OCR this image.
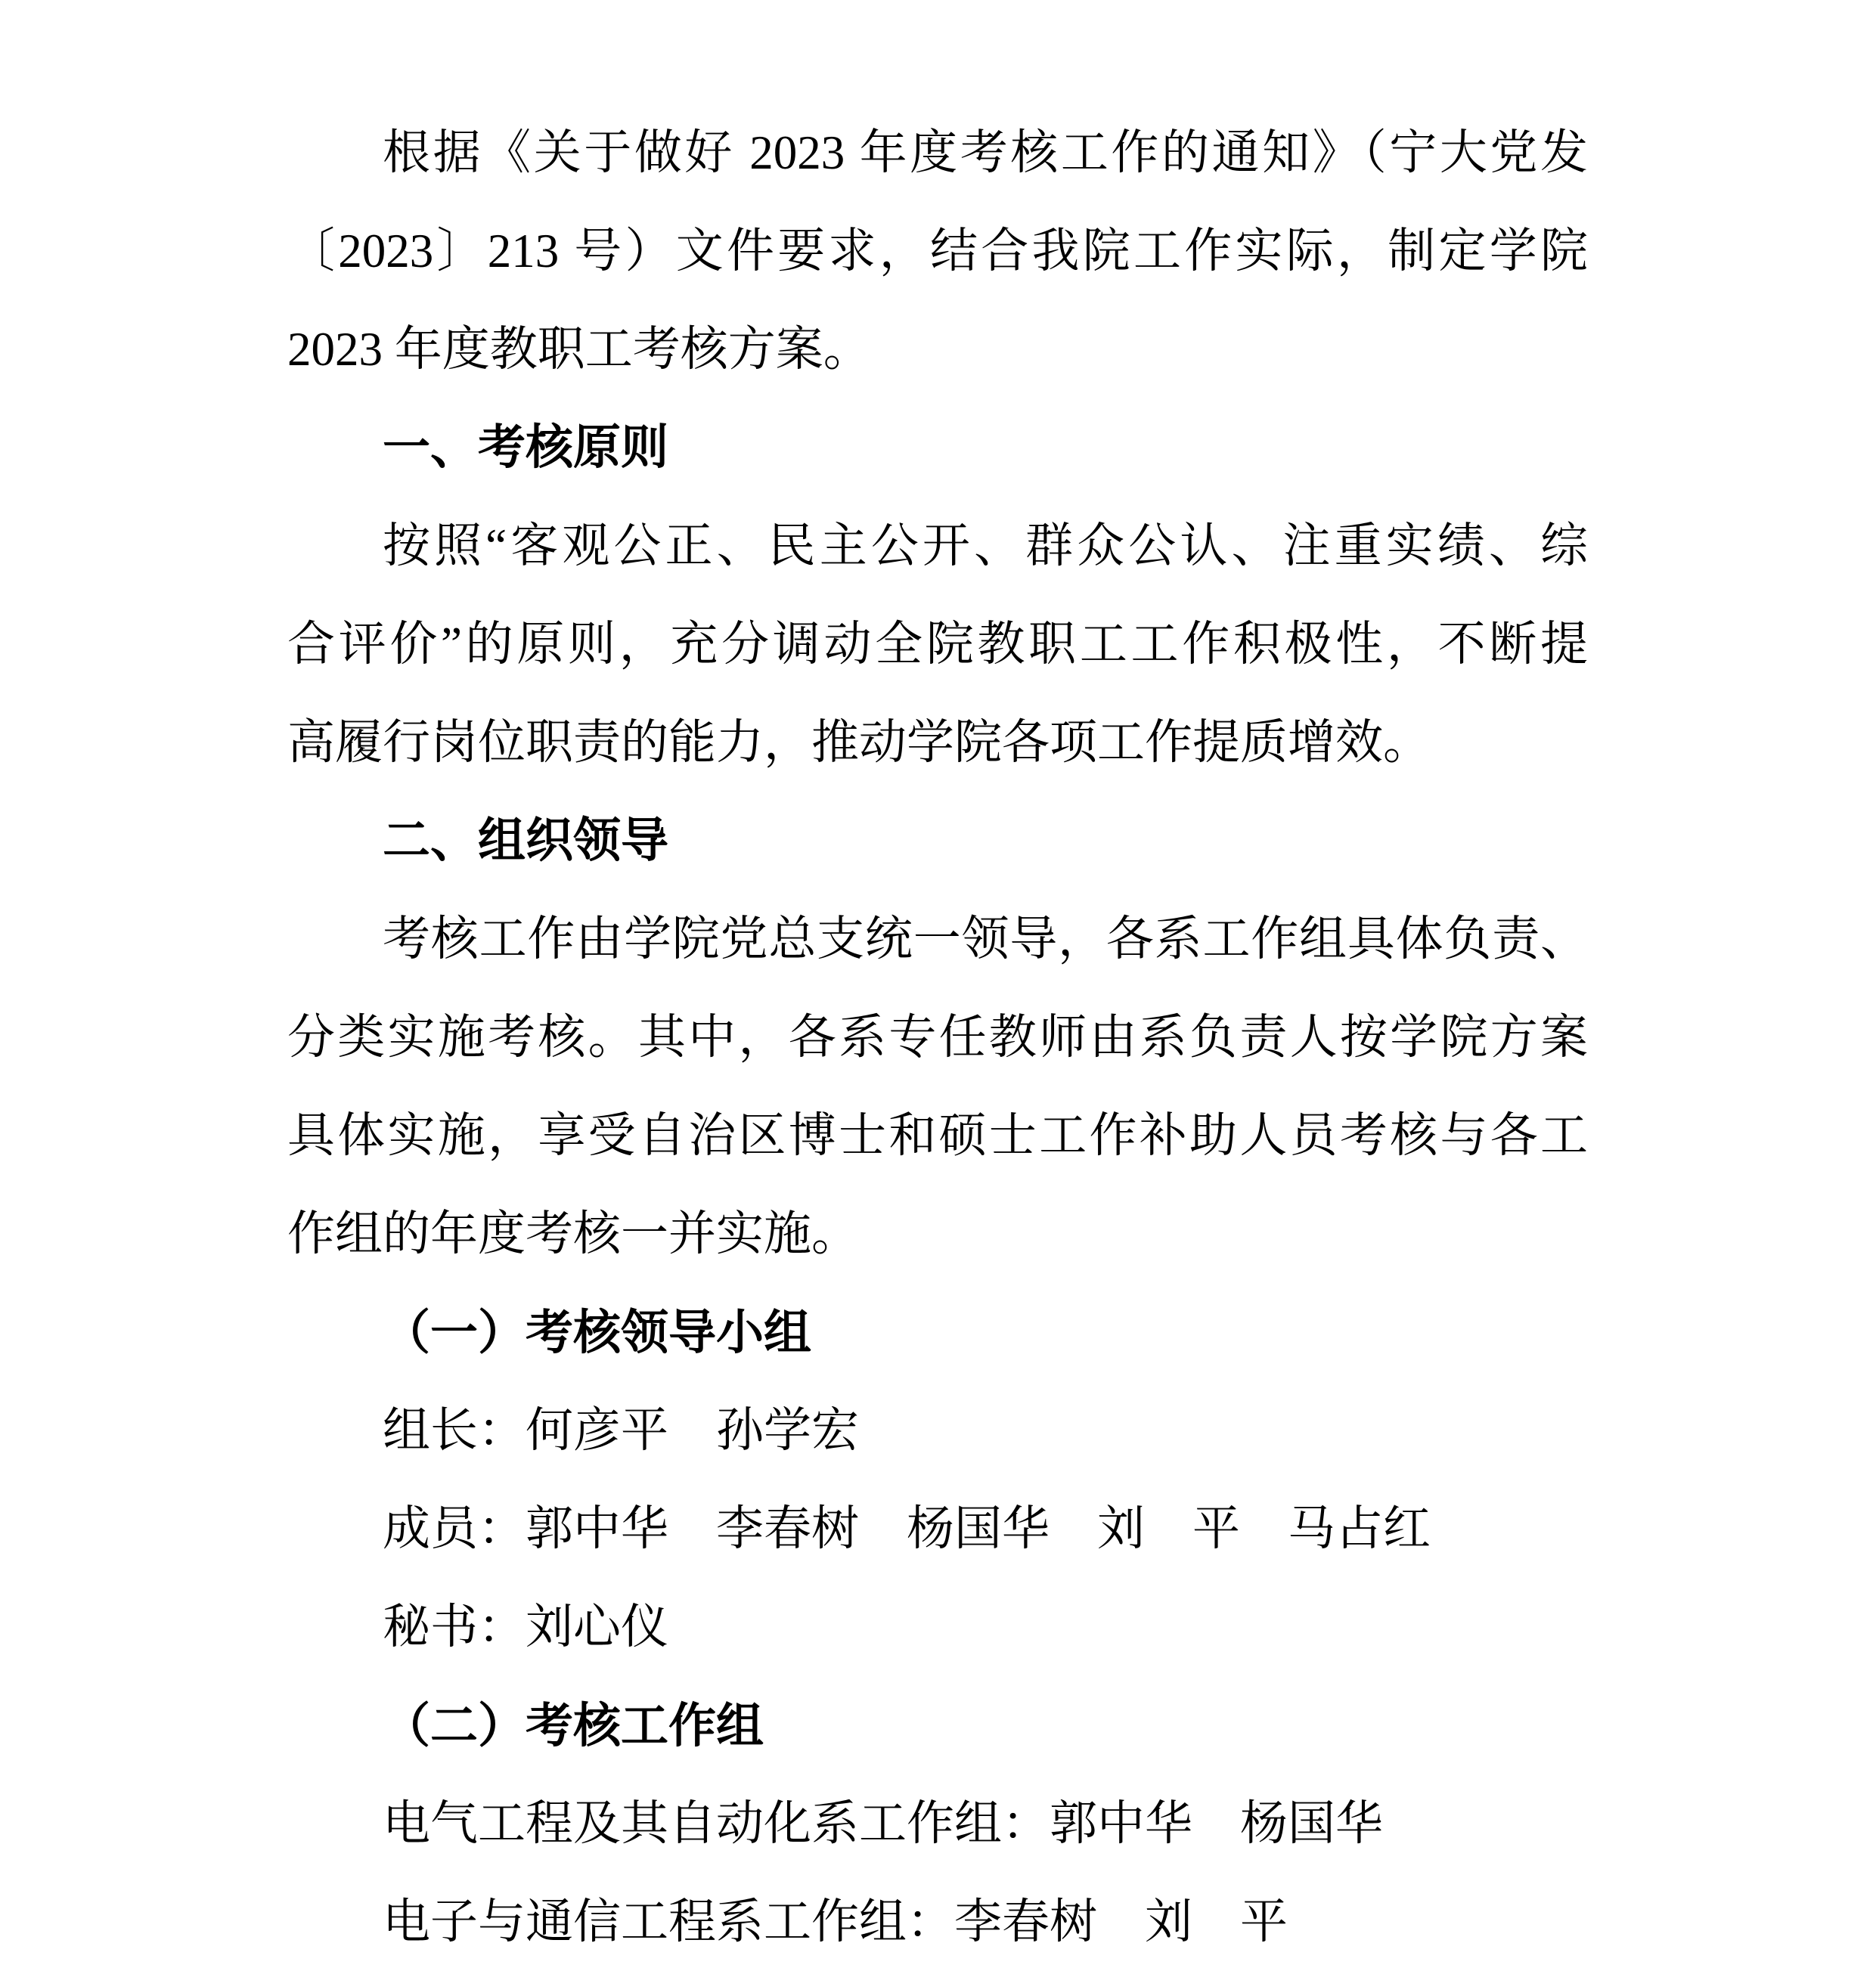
根据《关于做好 2023 年度考核工作的通知》（宁大党发
〔2023〕213 号）文件要求，结合我院工作实际，制定学院
2023 年度教职工考核方案。
一、考核原则
按照“客观公正、民主公开、群众公认、注重实绩、综
合评价”的原则，充分调动全院教职工工作积极性，不断提
高履行岗位职责的能力，推动学院各项工作提质增效。
二、组织领导
考核工作由学院党总支统一领导，各系工作组具体负责、
分类实施考核。其中，各系专任教师由系负责人按学院方案
具体实施，享受自治区博士和硕士工作补助人员考核与各工
作组的年度考核一并实施。
（一）考核领导小组
组长：何彦平　孙学宏
成员：郭中华　李春树　杨国华　刘　平　马占红
秘书：刘心仪
（二）考核工作组
电气工程及其自动化系工作组：郭中华　杨国华
电子与通信工程系工作组：李春树　刘　平
